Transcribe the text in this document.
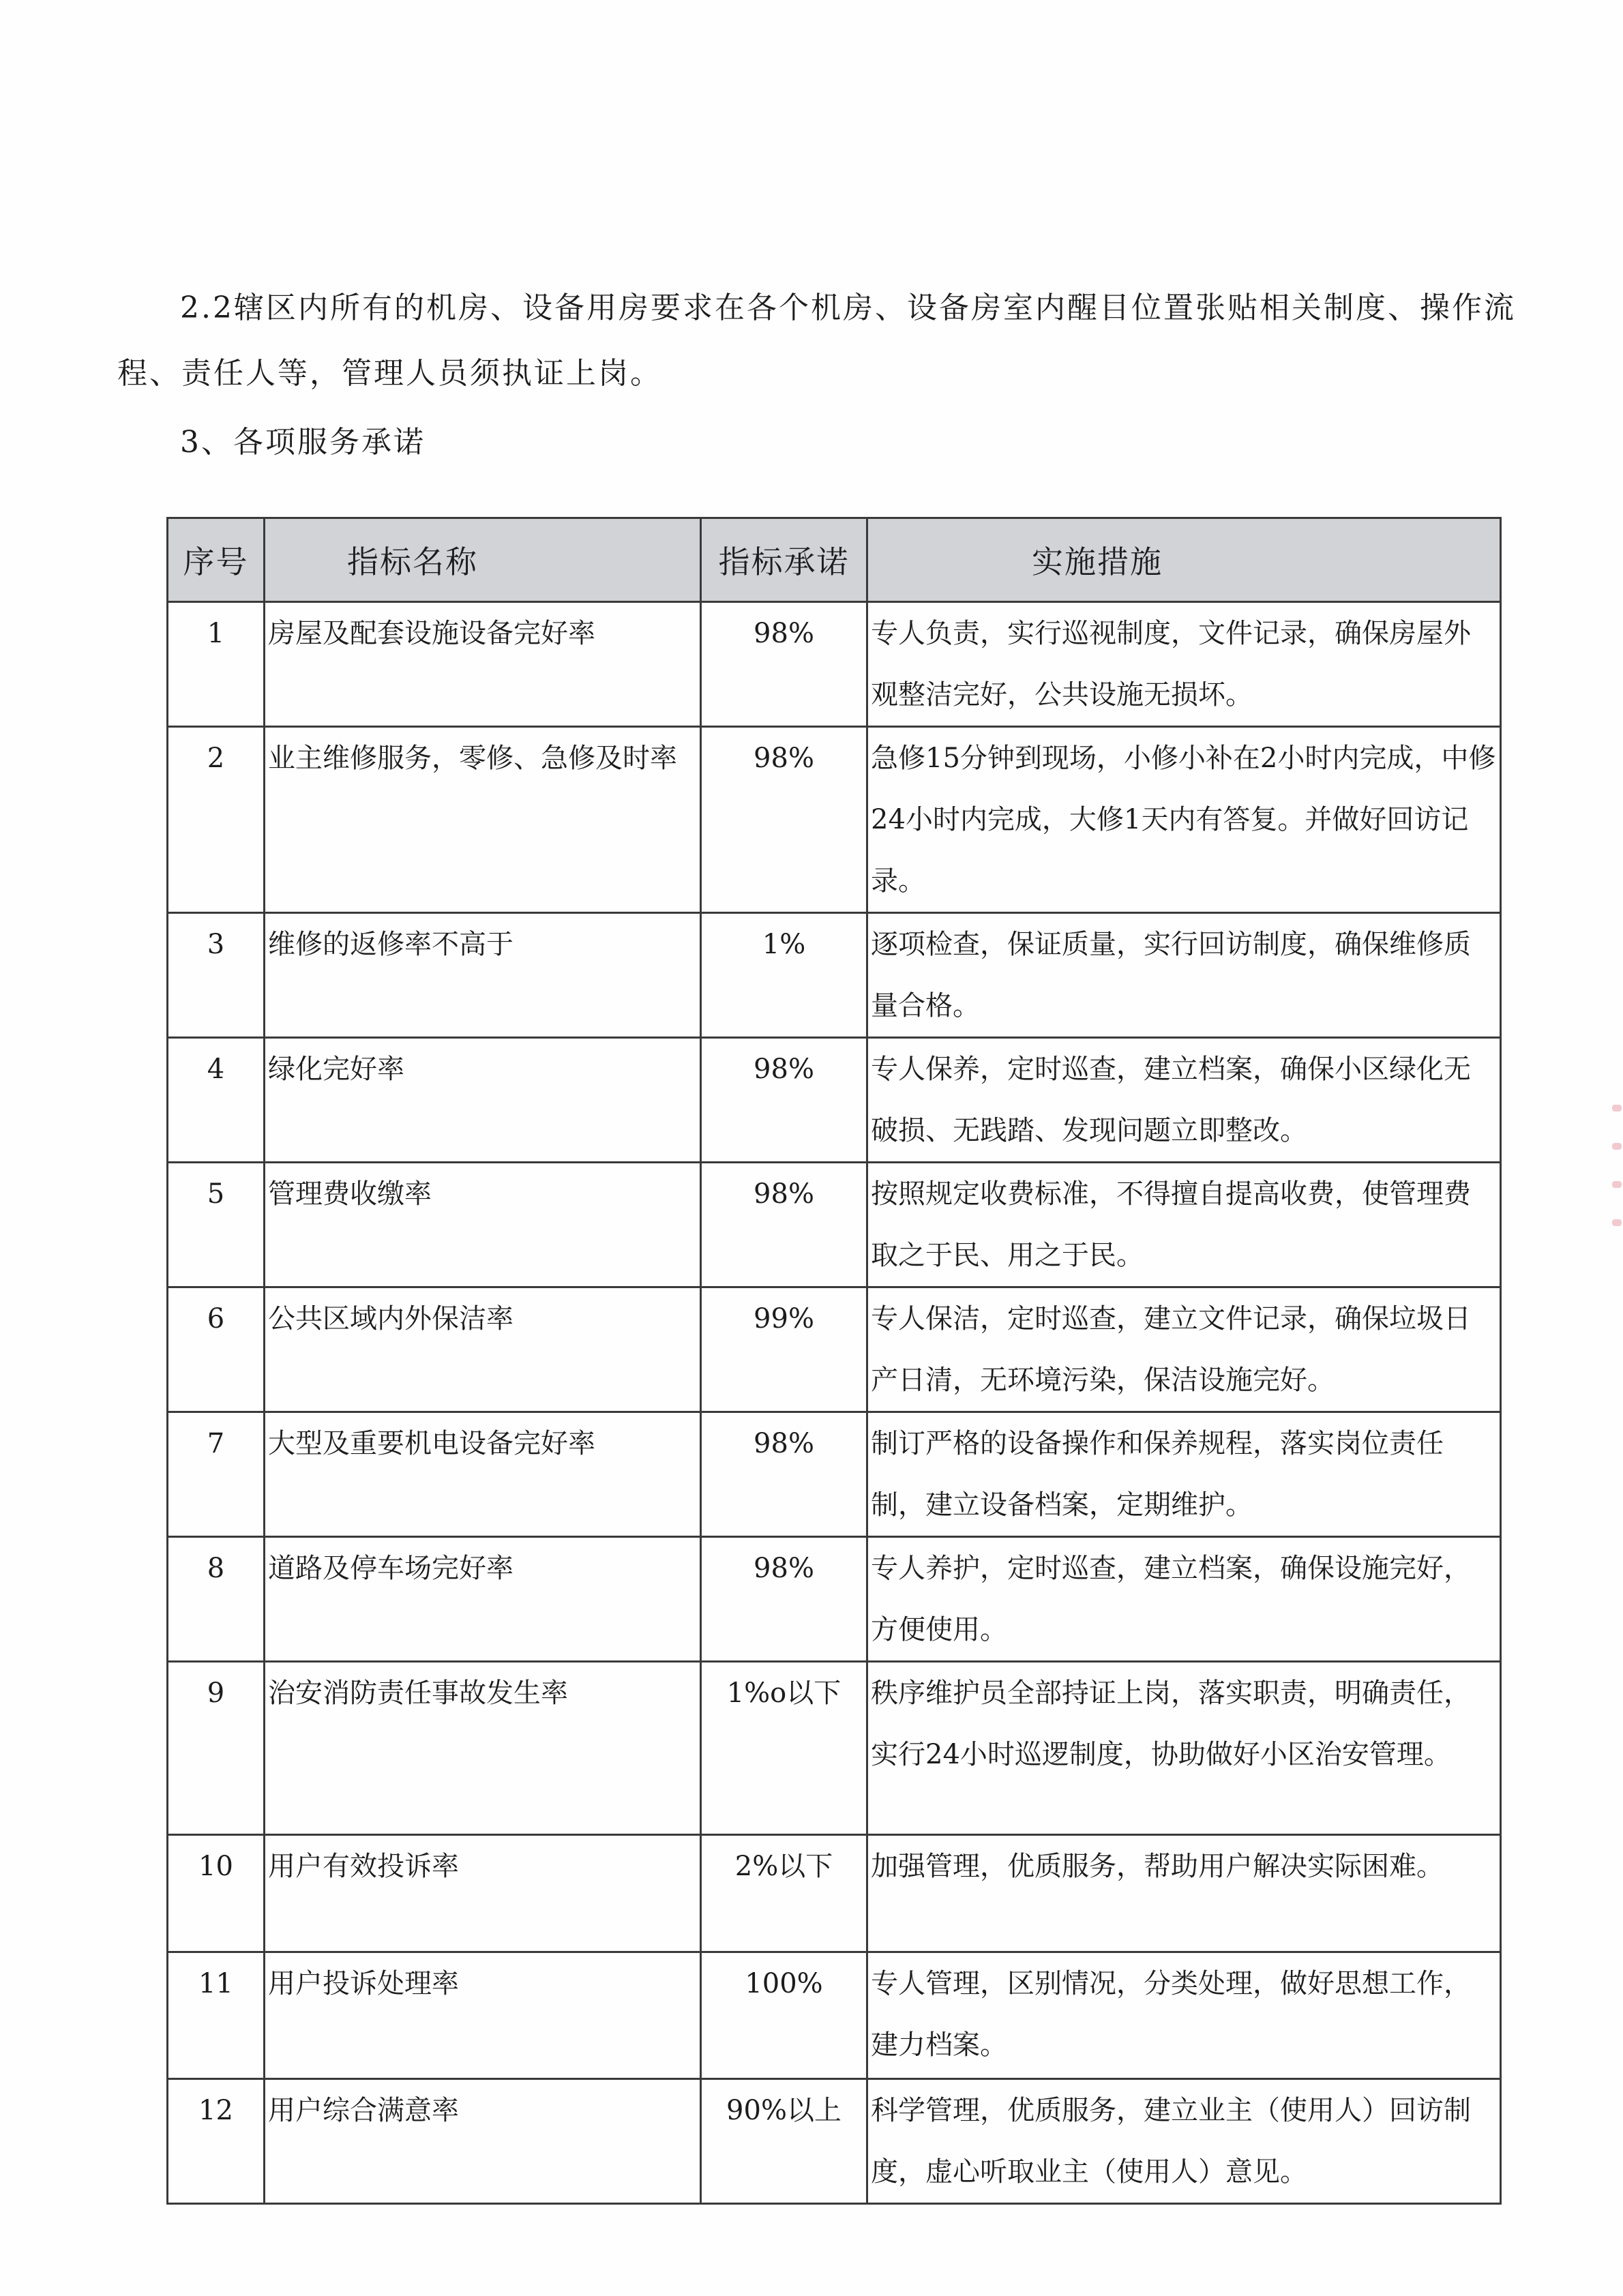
2.2辖区内所有的机房、设备用房要求在各个机房、设备房室内醒目位置张贴相关制度、操作流程、责任人等，管理人员须执证上岗。
3、各项服务承诺
序号	指标名称	指标承诺	实施措施
1	房屋及配套设施设备完好率	98%	专人负责，实行巡视制度，文件记录，确保房屋外观整洁完好，公共设施无损坏。
2	业主维修服务，零修、急修及时率	98%	急修15分钟到现场，小修小补在2小时内完成，中修24小时内完成，大修1天内有答复。并做好回访记录。
3	维修的返修率不高于	1%	逐项检查，保证质量，实行回访制度，确保维修质量合格。
4	绿化完好率	98%	专人保养，定时巡查，建立档案，确保小区绿化无破损、无践踏、发现问题立即整改。
5	管理费收缴率	98%	按照规定收费标准，不得擅自提高收费，使管理费取之于民、用之于民。
6	公共区域内外保洁率	99%	专人保洁，定时巡查，建立文件记录，确保垃圾日产日清，无环境污染，保洁设施完好。
7	大型及重要机电设备完好率	98%	制订严格的设备操作和保养规程，落实岗位责任制，建立设备档案，定期维护。
8	道路及停车场完好率	98%	专人养护，定时巡查，建立档案，确保设施完好，方便使用。
9	治安消防责任事故发生率	1%o以下	秩序维护员全部持证上岗，落实职责，明确责任，实行24小时巡逻制度，协助做好小区治安管理。
10	用户有效投诉率	2%以下	加强管理，优质服务，帮助用户解决实际困难。
11	用户投诉处理率	100%	专人管理，区别情况，分类处理，做好思想工作，建力档案。
12	用户综合满意率	90%以上	科学管理，优质服务，建立业主（使用人）回访制度，虚心听取业主（使用人）意见。
